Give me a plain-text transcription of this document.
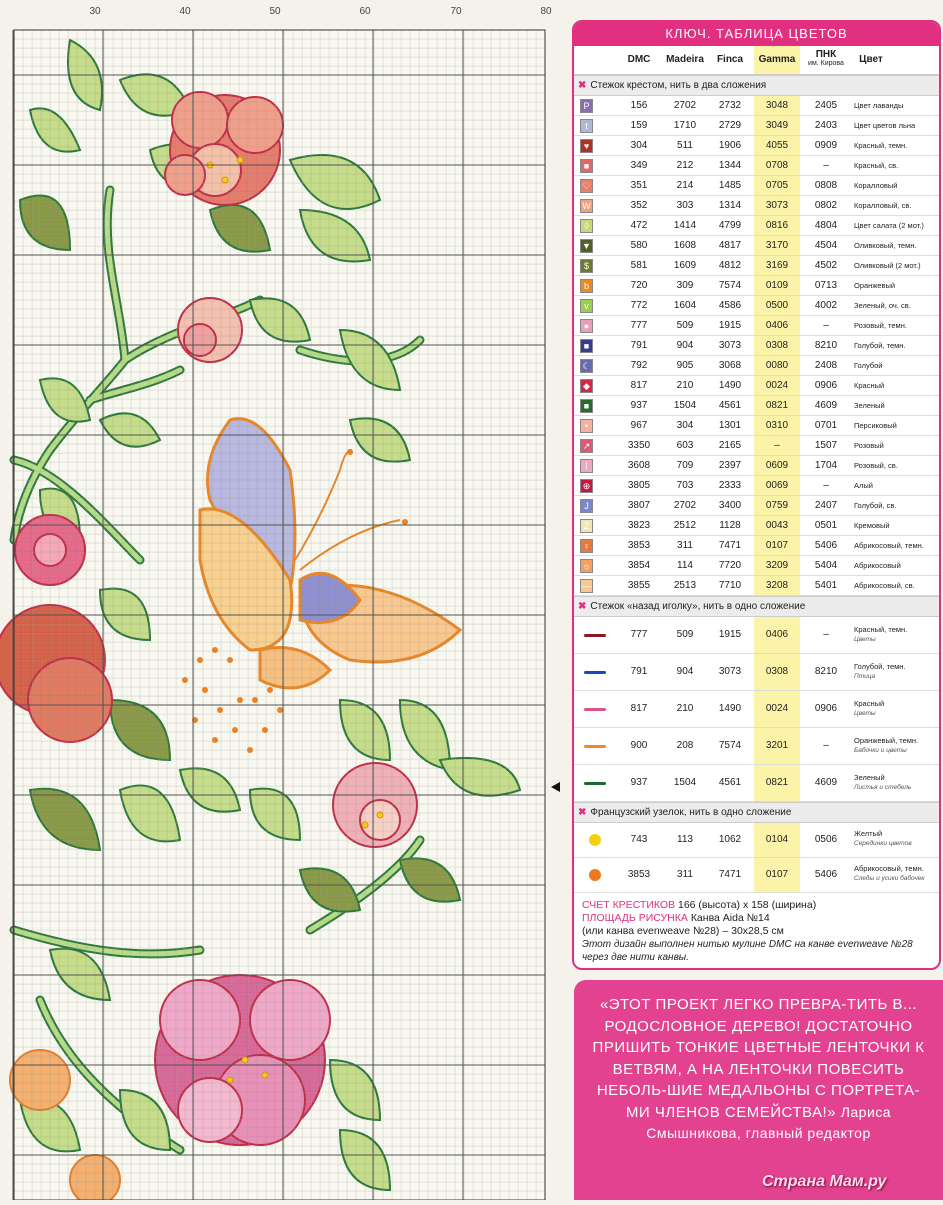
30	40	50	60	70	80
КЛЮЧ. ТАБЛИЦА ЦВЕТОВ
DMC	Madeira	Finca	Gamma	ПНК
им. Кирова	Цвет
✖ Стежок крестом, нить в два сложения
P	156	2702	2732	3048	2405	Цвет лаванды
t	159	1710	2729	3049	2403	Цвет цветов льна
♥	304	511	1906	4055	0909	Красный, темн.
■	349	212	1344	0708	–	Красный, св.
♡	351	214	1485	0705	0808	Коралловый
W	352	303	1314	3073	0802	Коралловый, св.
◊	472	1414	4799	0816	4804	Цвет салата (2 мот.)
▼	580	1608	4817	3170	4504	Оливковый, темн.
$	581	1609	4812	3169	4502	Оливковый (2 мот.)
b	720	309	7574	0109	0713	Оранжевый
v	772	1604	4586	0500	4002	Зеленый, оч. св.
●	777	509	1915	0406	–	Розовый, темн.
■	791	904	3073	0308	8210	Голубой, темн.
☾	792	905	3068	0080	2408	Голубой
◆	817	210	1490	0024	0906	Красный
■	937	1504	4561	0821	4609	Зеленый
•	967	304	1301	0310	0701	Персиковый
↗	3350	603	2165	–	1507	Розовый
I	3608	709	2397	0609	1704	Розовый, св.
⊕	3805	703	2333	0069	–	Алый
J	3807	2702	3400	0759	2407	Голубой, св.
Z	3823	2512	1128	0043	0501	Кремовый
♀	3853	311	7471	0107	5406	Абрикосовый, темн.
☼	3854	114	7720	3209	5404	Абрикосовый
—	3855	2513	7710	3208	5401	Абрикосовый, св.
✖ Стежок «назад иголку», нить в одно сложение
777	509	1915	0406	–	Красный, темн.
Цветы
791	904	3073	0308	8210	Голубой, темн.
Птица
817	210	1490	0024	0906	Красный
Цветы
900	208	7574	3201	–	Оранжевый, темн.
Бабочки и цветы
937	1504	4561	0821	4609	Зеленый
Листья и стебель
✖ Французский узелок, нить в одно сложение
743	113	1062	0104	0506
Желтый
Серединки цветов
3853	311	7471	0107	5406
Абрикосовый, темн.
Следы и усики бабочек
СЧЕТ КРЕСТИКОВ 166 (высота) x 158 (ширина)
ПЛОЩАДЬ РИСУНКА Канва Aida №14
(или канва evenweave №28) – 30x28,5 см
Этот дизайн выполнен нитью мулине DMC на канве evenweave №28 через две нити канвы.
«ЭТОТ ПРОЕКТ ЛЕГКО ПРЕВРА-ТИТЬ В... РОДОСЛОВНОЕ ДЕРЕВО! ДОСТАТОЧНО ПРИШИТЬ ТОНКИЕ ЦВЕТНЫЕ ЛЕНТОЧКИ К ВЕТВЯМ, А НА ЛЕНТОЧКИ ПОВЕСИТЬ НЕБОЛЬ-ШИЕ МЕДАЛЬОНЫ С ПОРТРЕТА-МИ ЧЛЕНОВ СЕМЕЙСТВА!» Лариса Смышникова, главный редактор
Страна Мам.ру
